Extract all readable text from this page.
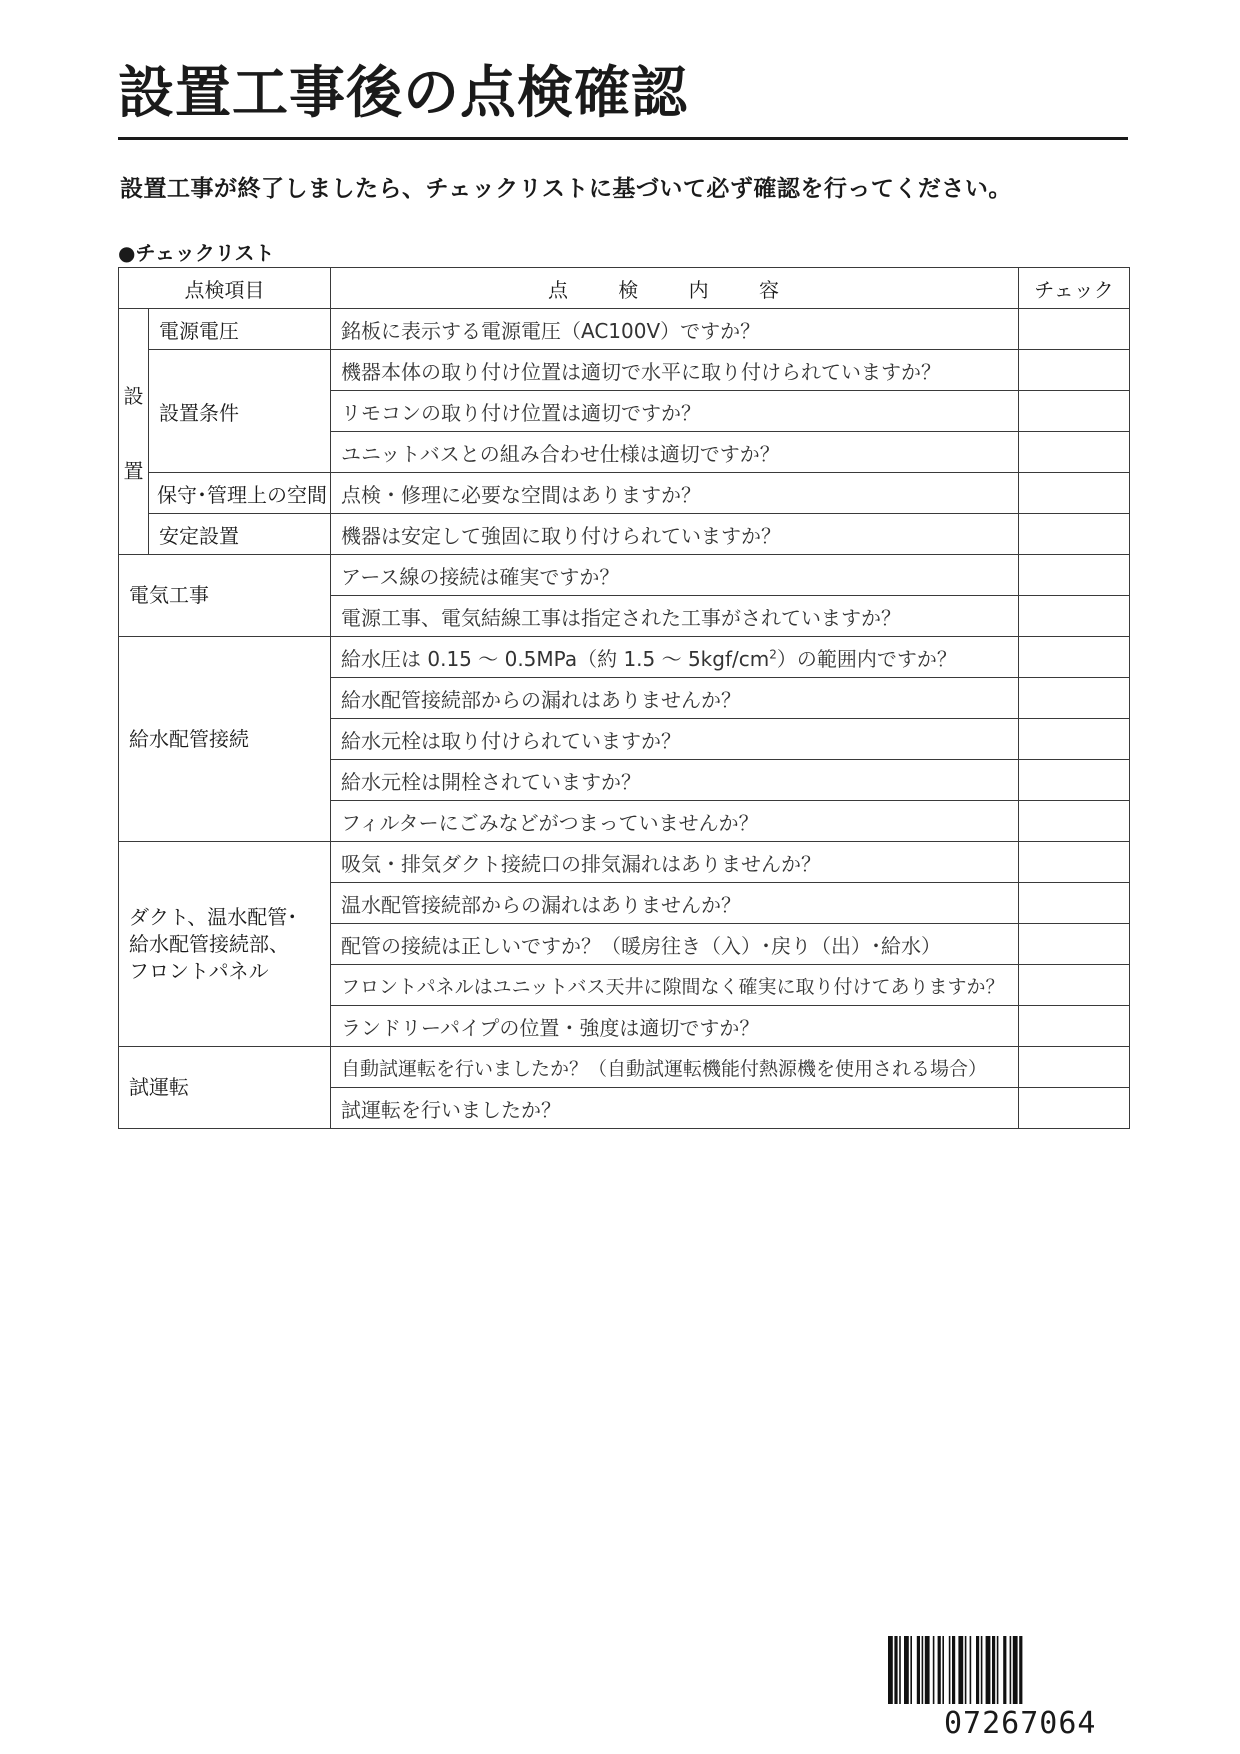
設置工事後の点検確認
設置工事が終了しましたら、チェックリストに基づいて必ず確認を行ってください。
●チェックリスト
点検項目		点 検 内 容	チェック

設
置	電源電圧	銘板に表示する電源電圧（AC100V）ですか？	
	設置条件	機器本体の取り付け位置は適切で水平に取り付けられていますか？	
		リモコンの取り付け位置は適切ですか？	
		ユニットバスとの組み合わせ仕様は適切ですか？	
	保守･管理上の空間	点検・修理に必要な空間はありますか？	
	安定設置	機器は安定して強固に取り付けられていますか？	
電気工事		アース線の接続は確実ですか？	
		電源工事、電気結線工事は指定された工事がされていますか？	
給水配管接続		給水圧は 0.15 ～ 0.5MPa（約 1.5 ～ $5kgf/cm^2$）の範囲内ですか？	
		給水配管接続部からの漏れはありませんか？	
		給水元栓は取り付けられていますか？	
		給水元栓は開栓されていますか？	
		フィルターにごみなどがつまっていませんか？	

ダクト、温水配管･
給水配管接続部、
フロントパネル		吸気・排気ダクト接続口の排気漏れはありませんか？	
		温水配管接続部からの漏れはありませんか？	
		配管の接続は正しいですか？（暖房往き（入）･戻り（出）･給水）	
		フロントパネルはユニットバス天井に隙間なく確実に取り付けてありますか？	
		ランドリーパイプの位置・強度は適切ですか？	
試運転		自動試運転を行いましたか？（自動試運転機能付熱源機を使用される場合）	
		試運転を行いましたか？	
07267064
